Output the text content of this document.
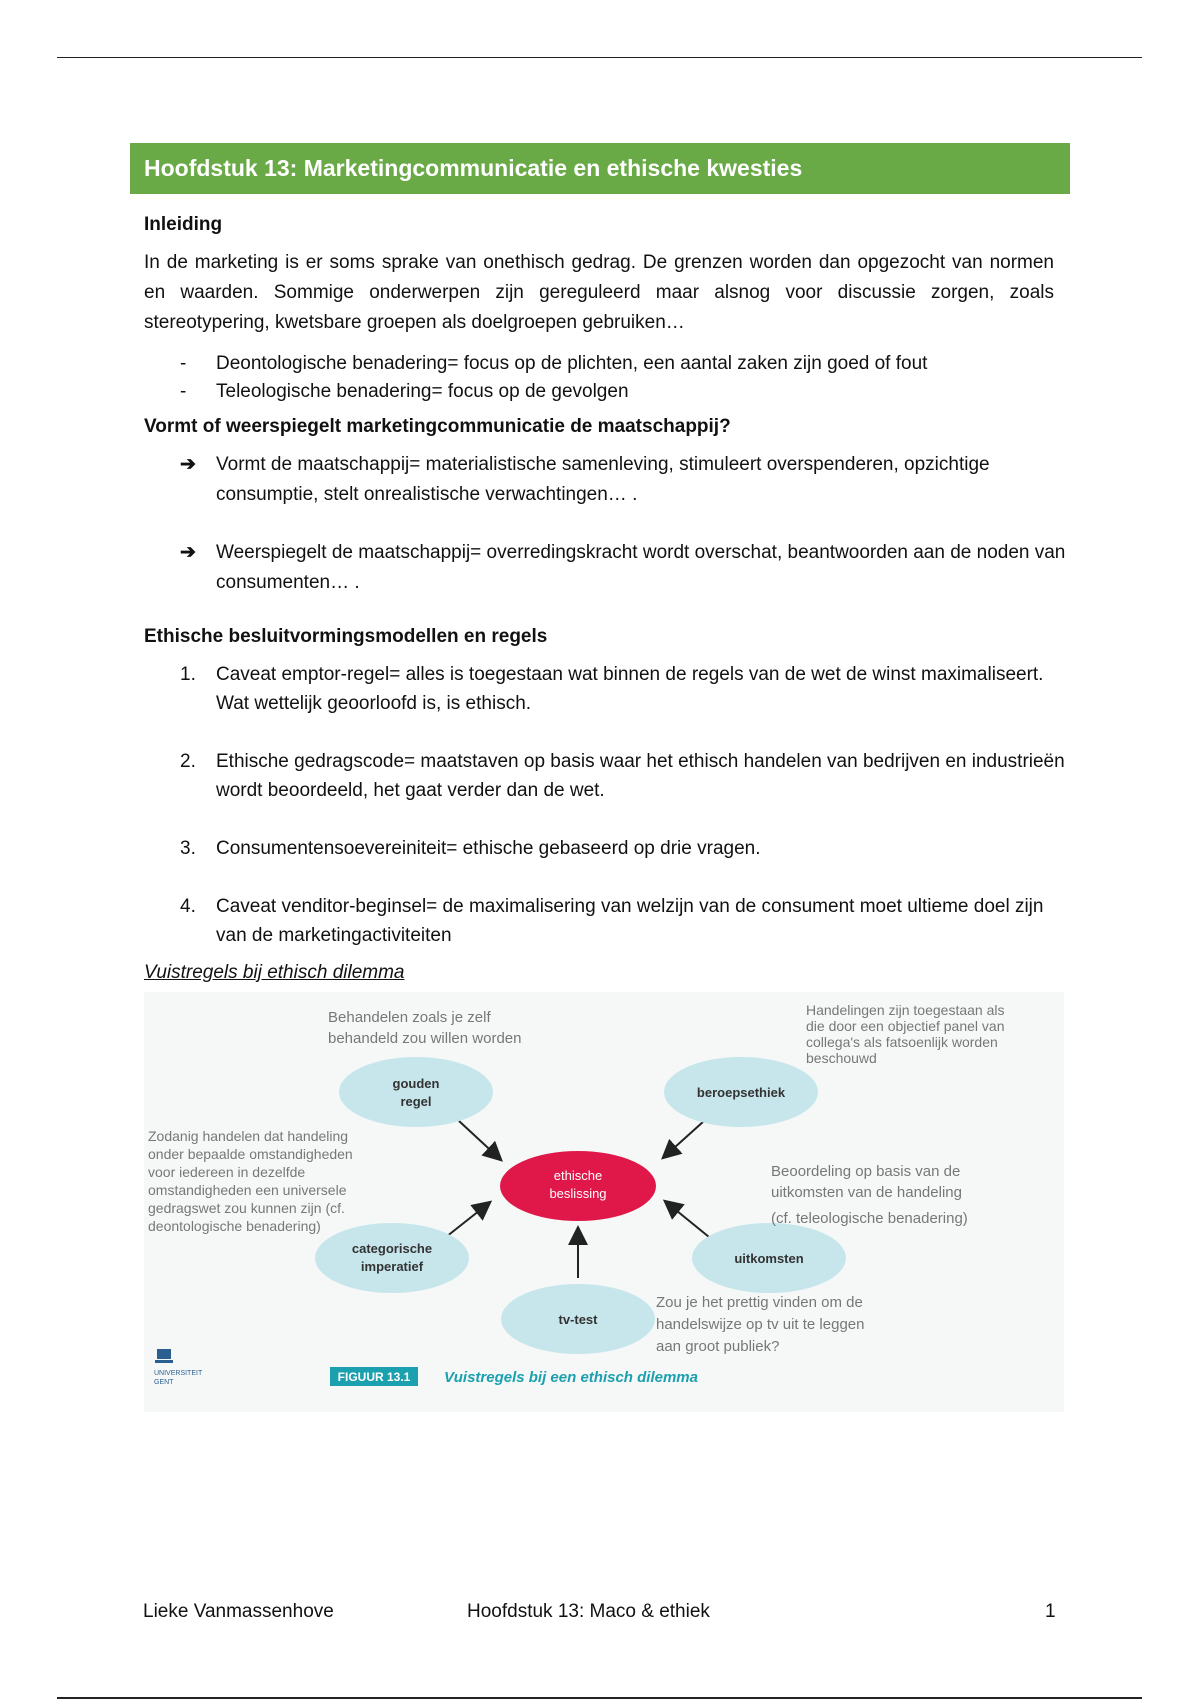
Hoofdstuk 13: Marketingcommunicatie en ethische kwesties
Inleiding
In de marketing is er soms sprake van onethisch gedrag. De grenzen worden dan opgezocht van normen en waarden. Sommige onderwerpen zijn gereguleerd maar alsnog voor discussie zorgen, zoals stereotypering, kwetsbare groepen als doelgroepen gebruiken…
- Deontologische benadering= focus op de plichten, een aantal zaken zijn goed of fout
- Teleologische benadering= focus op de gevolgen
Vormt of weerspiegelt marketingcommunicatie de maatschappij?
➔ Vormt de maatschappij= materialistische samenleving, stimuleert overspenderen, opzichtige consumptie, stelt onrealistische verwachtingen… .
➔ Weerspiegelt de maatschappij= overredingskracht wordt overschat, beantwoorden aan de noden van consumenten… .
Ethische besluitvormingsmodellen en regels
1. Caveat emptor-regel= alles is toegestaan wat binnen de regels van de wet de winst maximaliseert. Wat wettelijk geoorloofd is, is ethisch.
2. Ethische gedragscode= maatstaven op basis waar het ethisch handelen van bedrijven en industrieën wordt beoordeeld, het gaat verder dan de wet.
3. Consumentensoevereiniteit= ethische gebaseerd op drie vragen.
4. Caveat venditor-beginsel= de maximalisering van welzijn van de consument moet ultieme doel zijn van de marketingactiviteiten
Vuistregels bij ethisch dilemma
ethische
beslissing
gouden
regel
beroepsethiek
categorische
imperatief
uitkomsten
tv-test
Behandelen zoals je zelf
behandeld zou willen worden
Handelingen zijn toegestaan als
die door een objectief panel van
collega's als fatsoenlijk worden
beschouwd
Zodanig handelen dat handeling
onder bepaalde omstandigheden
voor iedereen in dezelfde
omstandigheden een universele
gedragswet zou kunnen zijn (cf.
deontologische benadering)
Beoordeling op basis van de
uitkomsten van de handeling
(cf. teleologische benadering)
Zou je het prettig vinden om de
handelswijze op tv uit te leggen
aan groot publiek?
UNIVERSITEIT
GENT	FIGUUR 13.1 Vuistregels bij een ethisch dilemma
Lieke Vanmassenhove	Hoofdstuk 13: Maco & ethiek	1
